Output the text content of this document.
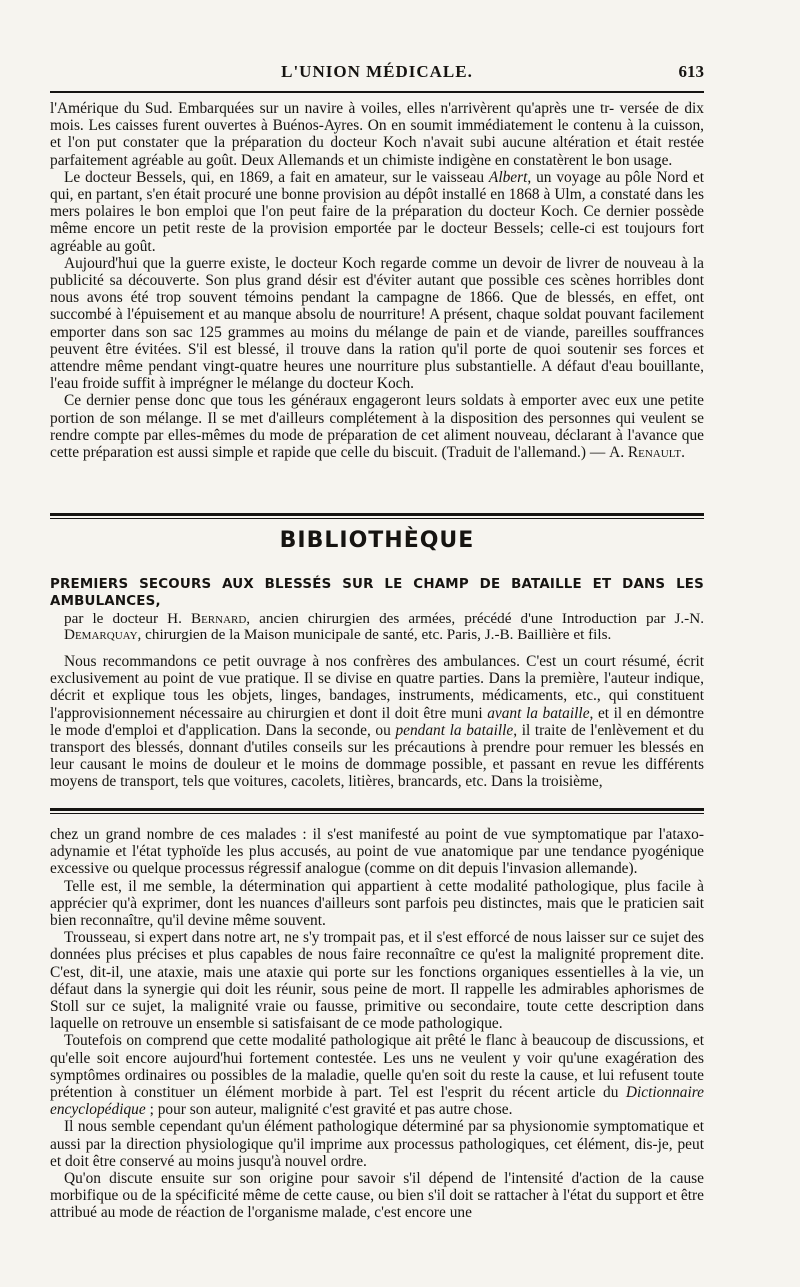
L'UNION MÉDICALE.	613

l'Amérique du Sud. Embarquées sur un navire à voiles, elles n'arrivèrent qu'après une tr- versée de dix mois. Les caisses furent ouvertes à Buénos-Ayres. On en soumit immédiatement le contenu à la cuisson, et l'on put constater que la préparation du docteur Koch n'avait subi aucune altération et était restée parfaitement agréable au goût. Deux Allemands et un chimiste indigène en constatèrent le bon usage.

Le docteur Bessels, qui, en 1869, a fait en amateur, sur le vaisseau Albert, un voyage au pôle Nord et qui, en partant, s'en était procuré une bonne provision au dépôt installé en 1868 à Ulm, a constaté dans les mers polaires le bon emploi que l'on peut faire de la préparation du docteur Koch. Ce dernier possède même encore un petit reste de la provision emportée par le docteur Bessels; celle-ci est toujours fort agréable au goût.

Aujourd'hui que la guerre existe, le docteur Koch regarde comme un devoir de livrer de nouveau à la publicité sa découverte. Son plus grand désir est d'éviter autant que possible ces scènes horribles dont nous avons été trop souvent témoins pendant la campagne de 1866. Que de blessés, en effet, ont succombé à l'épuisement et au manque absolu de nourriture! A présent, chaque soldat pouvant facilement emporter dans son sac 125 grammes au moins du mélange de pain et de viande, pareilles souffrances peuvent être évitées. S'il est blessé, il trouve dans la ration qu'il porte de quoi soutenir ses forces et attendre même pendant vingt-quatre heures une nourriture plus substantielle. A défaut d'eau bouillante, l'eau froide suffit à imprégner le mélange du docteur Koch.

Ce dernier pense donc que tous les généraux engageront leurs soldats à emporter avec eux une petite portion de son mélange. Il se met d'ailleurs complétement à la disposition des personnes qui veulent se rendre compte par elles-mêmes du mode de préparation de cet aliment nouveau, déclarant à l'avance que cette préparation est aussi simple et rapide que celle du biscuit. (Traduit de l'allemand.) — A. Renault.

BIBLIOTHÈQUE
PREMIERS SECOURS AUX BLESSÉS SUR LE CHAMP DE BATAILLE ET DANS LES AMBULANCES,
par le docteur H. Bernard, ancien chirurgien des armées, précédé d'une Introduction par J.-N. Demarquay, chirurgien de la Maison municipale de santé, etc. Paris, J.-B. Baillière et fils.

Nous recommandons ce petit ouvrage à nos confrères des ambulances. C'est un court résumé, écrit exclusivement au point de vue pratique. Il se divise en quatre parties. Dans la première, l'auteur indique, décrit et explique tous les objets, linges, bandages, instruments, médicaments, etc., qui constituent l'approvisionnement nécessaire au chirurgien et dont il doit être muni avant la bataille, et il en démontre le mode d'emploi et d'application. Dans la seconde, ou pendant la bataille, il traite de l'enlèvement et du transport des blessés, donnant d'utiles conseils sur les précautions à prendre pour remuer les blessés en leur causant le moins de douleur et le moins de dommage possible, et passant en revue les différents moyens de transport, tels que voitures, cacolets, litières, brancards, etc. Dans la troisième,

chez un grand nombre de ces malades : il s'est manifesté au point de vue symptomatique par l'ataxo-adynamie et l'état typhoïde les plus accusés, au point de vue anatomique par une tendance pyogénique excessive ou quelque processus régressif analogue (comme on dit depuis l'invasion allemande).

Telle est, il me semble, la détermination qui appartient à cette modalité pathologique, plus facile à apprécier qu'à exprimer, dont les nuances d'ailleurs sont parfois peu distinctes, mais que le praticien sait bien reconnaître, qu'il devine même souvent.

Trousseau, si expert dans notre art, ne s'y trompait pas, et il s'est efforcé de nous laisser sur ce sujet des données plus précises et plus capables de nous faire reconnaître ce qu'est la malignité proprement dite. C'est, dit-il, une ataxie, mais une ataxie qui porte sur les fonctions organiques essentielles à la vie, un défaut dans la synergie qui doit les réunir, sous peine de mort. Il rappelle les admirables aphorismes de Stoll sur ce sujet, la malignité vraie ou fausse, primitive ou secondaire, toute cette description dans laquelle on retrouve un ensemble si satisfaisant de ce mode pathologique.

Toutefois on comprend que cette modalité pathologique ait prêté le flanc à beaucoup de discussions, et qu'elle soit encore aujourd'hui fortement contestée. Les uns ne veulent y voir qu'une exagération des symptômes ordinaires ou possibles de la maladie, quelle qu'en soit du reste la cause, et lui refusent toute prétention à constituer un élément morbide à part. Tel est l'esprit du récent article du Dictionnaire encyclopédique ; pour son auteur, malignité c'est gravité et pas autre chose.

Il nous semble cependant qu'un élément pathologique déterminé par sa physionomie symptomatique et aussi par la direction physiologique qu'il imprime aux processus pathologiques, cet élément, dis-je, peut et doit être conservé au moins jusqu'à nouvel ordre.

Qu'on discute ensuite sur son origine pour savoir s'il dépend de l'intensité d'action de la cause morbifique ou de la spécificité même de cette cause, ou bien s'il doit se rattacher à l'état du support et être attribué au mode de réaction de l'organisme malade, c'est encore une
